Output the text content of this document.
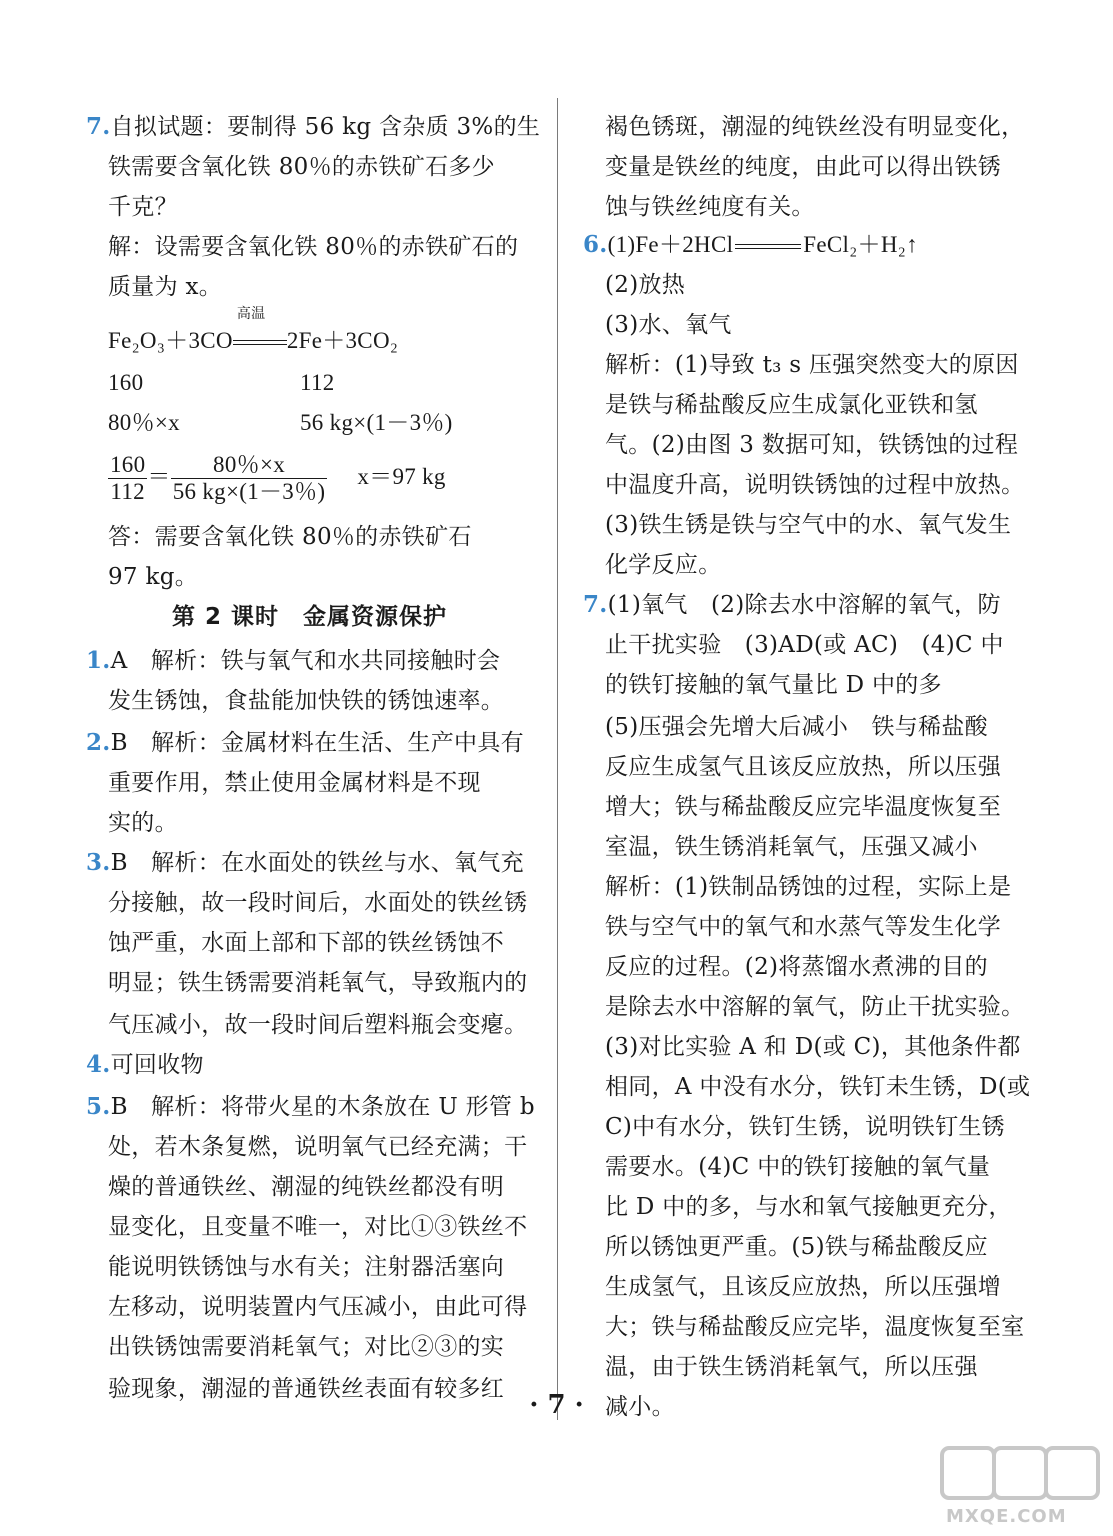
7.自拟试题：要制得 56 kg 含杂质 3%的生
铁需要含氧化铁 80％的赤铁矿石多少
千克？
解：设需要含氧化铁 80％的赤铁矿石的
质量为 x。
Fe₂O₃＋3CO
高温
2Fe＋3CO₂
160	112
80％×x	56 kg×(1－3％)
$\frac{160}{112} = \frac{80\%\times x}{56 kg\times(1-3\%)} x=97$ kg
答：需要含氧化铁 80％的赤铁矿石
97 kg。
第 2 课时　金属资源保护
1.A　解析：铁与氧气和水共同接触时会
发生锈蚀，食盐能加快铁的锈蚀速率。
2.B　解析：金属材料在生活、生产中具有
重要作用，禁止使用金属材料是不现
实的。
3.B　解析：在水面处的铁丝与水、氧气充
分接触，故一段时间后，水面处的铁丝锈
蚀严重，水面上部和下部的铁丝锈蚀不
明显；铁生锈需要消耗氧气，导致瓶内的
气压减小，故一段时间后塑料瓶会变瘪。
4.可回收物
5.B　解析：将带火星的木条放在 U 形管 b
处，若木条复燃，说明氧气已经充满；干
燥的普通铁丝、潮湿的纯铁丝都没有明
显变化，且变量不唯一，对比①③铁丝不
能说明铁锈蚀与水有关；注射器活塞向
左移动，说明装置内气压减小，由此可得
出铁锈蚀需要消耗氧气；对比②③的实
验现象，潮湿的普通铁丝表面有较多红
褐色锈斑，潮湿的纯铁丝没有明显变化，
变量是铁丝的纯度，由此可以得出铁锈
蚀与铁丝纯度有关。
6.(1)Fe＋2HCl	FeCl₂＋H₂↑
(2)放热
(3)水、氧气
解析：(1)导致 t₃ s 压强突然变大的原因
是铁与稀盐酸反应生成氯化亚铁和氢
气。(2)由图 3 数据可知，铁锈蚀的过程
中温度升高，说明铁锈蚀的过程中放热。
(3)铁生锈是铁与空气中的水、氧气发生
化学反应。
7.(1)氧气　(2)除去水中溶解的氧气，防
止干扰实验　(3)AD(或 AC)　(4)C 中
的铁钉接触的氧气量比 D 中的多
(5)压强会先增大后减小　铁与稀盐酸
反应生成氢气且该反应放热，所以压强
增大；铁与稀盐酸反应完毕温度恢复至
室温，铁生锈消耗氧气，压强又减小
解析：(1)铁制品锈蚀的过程，实际上是
铁与空气中的氧气和水蒸气等发生化学
反应的过程。(2)将蒸馏水煮沸的目的
是除去水中溶解的氧气，防止干扰实验。
(3)对比实验 A 和 D(或 C)，其他条件都
相同，A 中没有水分，铁钉未生锈，D(或
C)中有水分，铁钉生锈，说明铁钉生锈
需要水。(4)C 中的铁钉接触的氧气量
比 D 中的多，与水和氧气接触更充分，
所以锈蚀更严重。(5)铁与稀盐酸反应
生成氢气，且该反应放热，所以压强增
大；铁与稀盐酸反应完毕，温度恢复至室
温，由于铁生锈消耗氧气，所以压强
减小。
· 7 ·
MXQE.COM
